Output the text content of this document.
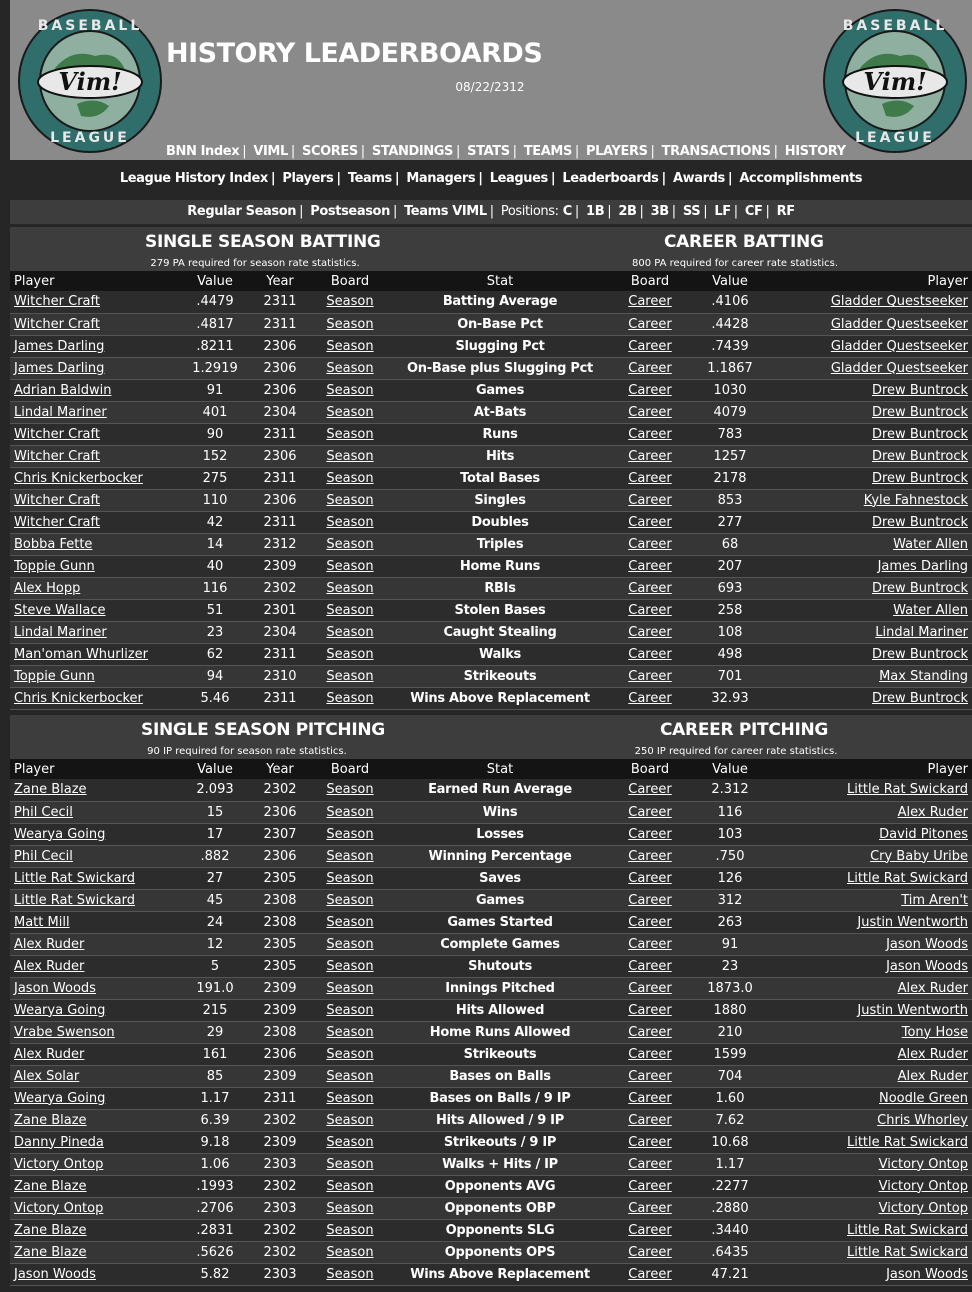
Vim!
BASEBALL
LEAGUE
HISTORY LEADERBOARDS
08/22/2312
BNN Index | VIML | SCORES | STANDINGS | STATS | TEAMS | PLAYERS | TRANSACTIONS | HISTORY
Vim!
BASEBALL
LEAGUE
League History Index | Players | Teams | Managers | Leagues | Leaderboards | Awards | Accomplishments
Regular Season | Postseason | Teams VIML | Positions: C | 1B | 2B | 3B | SS | LF | CF | RF
SINGLE SEASON BATTING
279 PA required for season rate statistics.
CAREER BATTING
800 PA required for career rate statistics.
Player	Value	Year	Board	Stat	Board	Value	Player
Witcher Craft	.4479	2311	Season	Batting Average	Career	.4106	Gladder Questseeker
Witcher Craft	.4817	2311	Season	On-Base Pct	Career	.4428	Gladder Questseeker
James Darling	.8211	2306	Season	Slugging Pct	Career	.7439	Gladder Questseeker
James Darling	1.2919	2306	Season	On-Base plus Slugging Pct	Career	1.1867	Gladder Questseeker
Adrian Baldwin	91	2306	Season	Games	Career	1030	Drew Buntrock
Lindal Mariner	401	2304	Season	At-Bats	Career	4079	Drew Buntrock
Witcher Craft	90	2311	Season	Runs	Career	783	Drew Buntrock
Witcher Craft	152	2306	Season	Hits	Career	1257	Drew Buntrock
Chris Knickerbocker	275	2311	Season	Total Bases	Career	2178	Drew Buntrock
Witcher Craft	110	2306	Season	Singles	Career	853	Kyle Fahnestock
Witcher Craft	42	2311	Season	Doubles	Career	277	Drew Buntrock
Bobba Fette	14	2312	Season	Triples	Career	68	Water Allen
Toppie Gunn	40	2309	Season	Home Runs	Career	207	James Darling
Alex Hopp	116	2302	Season	RBIs	Career	693	Drew Buntrock
Steve Wallace	51	2301	Season	Stolen Bases	Career	258	Water Allen
Lindal Mariner	23	2304	Season	Caught Stealing	Career	108	Lindal Mariner
Man'oman Whurlizer	62	2311	Season	Walks	Career	498	Drew Buntrock
Toppie Gunn	94	2310	Season	Strikeouts	Career	701	Max Standing
Chris Knickerbocker	5.46	2311	Season	Wins Above Replacement	Career	32.93	Drew Buntrock
SINGLE SEASON PITCHING
90 IP required for season rate statistics.
CAREER PITCHING
250 IP required for career rate statistics.
Player	Value	Year	Board	Stat	Board	Value	Player
Zane Blaze	2.093	2302	Season	Earned Run Average	Career	2.312	Little Rat Swickard
Phil Cecil	15	2306	Season	Wins	Career	116	Alex Ruder
Wearya Going	17	2307	Season	Losses	Career	103	David Pitones
Phil Cecil	.882	2306	Season	Winning Percentage	Career	.750	Cry Baby Uribe
Little Rat Swickard	27	2305	Season	Saves	Career	126	Little Rat Swickard
Little Rat Swickard	45	2308	Season	Games	Career	312	Tim Aren't
Matt Mill	24	2308	Season	Games Started	Career	263	Justin Wentworth
Alex Ruder	12	2305	Season	Complete Games	Career	91	Jason Woods
Alex Ruder	5	2305	Season	Shutouts	Career	23	Jason Woods
Jason Woods	191.0	2309	Season	Innings Pitched	Career	1873.0	Alex Ruder
Wearya Going	215	2309	Season	Hits Allowed	Career	1880	Justin Wentworth
Vrabe Swenson	29	2308	Season	Home Runs Allowed	Career	210	Tony Hose
Alex Ruder	161	2306	Season	Strikeouts	Career	1599	Alex Ruder
Alex Solar	85	2309	Season	Bases on Balls	Career	704	Alex Ruder
Wearya Going	1.17	2311	Season	Bases on Balls / 9 IP	Career	1.60	Noodle Green
Zane Blaze	6.39	2302	Season	Hits Allowed / 9 IP	Career	7.62	Chris Whorley
Danny Pineda	9.18	2309	Season	Strikeouts / 9 IP	Career	10.68	Little Rat Swickard
Victory Ontop	1.06	2303	Season	Walks + Hits / IP	Career	1.17	Victory Ontop
Zane Blaze	.1993	2302	Season	Opponents AVG	Career	.2277	Victory Ontop
Victory Ontop	.2706	2303	Season	Opponents OBP	Career	.2880	Victory Ontop
Zane Blaze	.2831	2302	Season	Opponents SLG	Career	.3440	Little Rat Swickard
Zane Blaze	.5626	2302	Season	Opponents OPS	Career	.6435	Little Rat Swickard
Jason Woods	5.82	2303	Season	Wins Above Replacement	Career	47.21	Jason Woods
